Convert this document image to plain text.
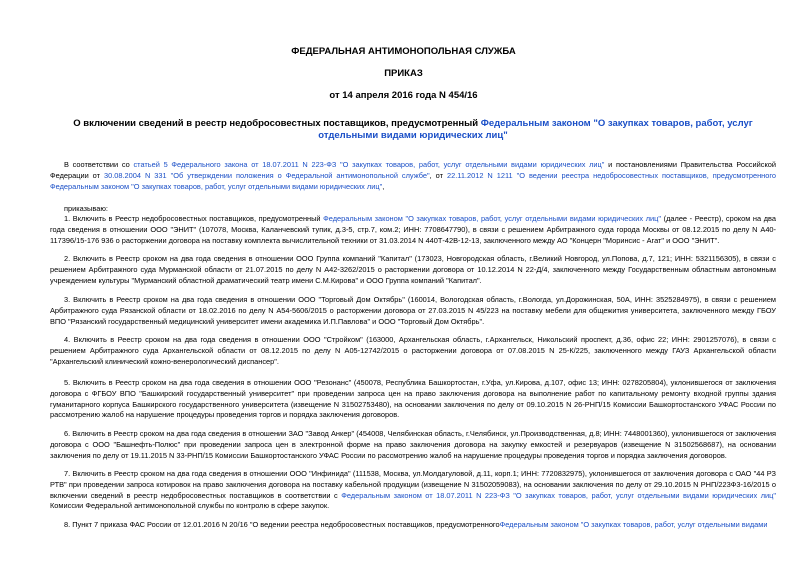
ФЕДЕРАЛЬНАЯ АНТИМОНОПОЛЬНАЯ СЛУЖБА
ПРИКАЗ
от 14 апреля 2016 года N 454/16
О включении сведений в реестр недобросовестных поставщиков, предусмотренный Федеральным законом "О закупках товаров, работ, услуг отдельными видами юридических лиц"
В соответствии со статьей 5 Федерального закона от 18.07.2011 N 223-ФЗ "О закупках товаров, работ, услуг отдельными видами юридических лиц" и постановлениями Правительства Российской Федерации от 30.08.2004 N 331 "Об утверждении положения о Федеральной антимонопольной службе", от 22.11.2012 N 1211 "О ведении реестра недобросовестных поставщиков, предусмотренного Федеральным законом "О закупках товаров, работ, услуг отдельными видами юридических лиц",
приказываю:
1. Включить в Реестр недобросовестных поставщиков, предусмотренный Федеральным законом "О закупках товаров, работ, услуг отдельными видами юридических лиц" (далее - Реестр), сроком на два года сведения в отношении ООО "ЭНИТ" (107078, Москва, Каланчевский тупик, д.3-5, стр.7, ком.2; ИНН: 7708647790), в связи с решением Арбитражного суда города Москвы от 08.12.2015 по делу N А40-117396/15-176 936 о расторжении договора на поставку комплекта вычислительной техники от 31.03.2014 N 440Т-42В-12-13, заключенного между АО "Концерн "Моринсис - Агат" и ООО "ЭНИТ".
2. Включить в Реестр сроком на два года сведения в отношении ООО Группа компаний "Капитал" (173023, Новгородская область, г.Великий Новгород, ул.Попова, д.7, 121; ИНН: 5321156305), в связи с решением Арбитражного суда Мурманской области от 21.07.2015 по делу N А42-3262/2015 о расторжении договора от 10.12.2014 N 22-Д/4, заключенного между Государственным областным автономным учреждением культуры "Мурманский областной драматический театр имени С.М.Кирова" и ООО Группа компаний "Капитал".
3. Включить в Реестр сроком на два года сведения в отношении ООО "Торговый Дом Октябрь" (160014, Вологодская область, г.Вологда, ул.Дорожинская, 50А, ИНН: 3525284975), в связи с решением Арбитражного суда Рязанской области от 18.02.2016 по делу N А54-5606/2015 о расторжении договора от 27.03.2015 N 45/223 на поставку мебели для общежития университета, заключенного между ГБОУ ВПО "Рязанский государственный медицинский университет имени академика И.П.Павлова" и ООО "Торговый Дом Октябрь".
4. Включить в Реестр сроком на два года сведения в отношении ООО "Стройком" (163000, Архангельская область, г.Архангельск, Никольский проспект, д.36, офис 22; ИНН: 2901257076), в связи с решением Арбитражного суда Архангельской области от 08.12.2015 по делу N А05-12742/2015 о расторжении договора от 07.08.2015 N 25-К/225, заключенного между ГАУЗ Архангельской области "Архангельский клинический кожно-венерологический диспансер".
5. Включить в Реестр сроком на два года сведения в отношении ООО "Резонанс" (450078, Республика Башкортостан, г.Уфа, ул.Кирова, д.107, офис 13; ИНН: 0278205804), уклонившегося от заключения договора с ФГБОУ ВПО "Башкирский государственный университет" при проведении запроса цен на право заключения договора на выполнение работ по капитальному ремонту входной группы здания гуманитарного корпуса Башкирского государственного университета (извещение N 31502753480), на основании заключения по делу от 09.10.2015 N 26-РНП/15 Комиссии Башкортостанского УФАС России по рассмотрению жалоб на нарушение процедуры проведения торгов и порядка заключения договоров.
6. Включить в Реестр сроком на два года сведения в отношении ЗАО "Завод Анкер" (454008, Челябинская область, г.Челябинск, ул.Производственная, д.8; ИНН: 7448001360), уклонившегося от заключения договора с ООО "Башнефть-Полюс" при проведении запроса цен в электронной форме на право заключения договора на закупку емкостей и резервуаров (извещение N 31502568687), на основании заключения по делу от 19.11.2015 N 33-РНП/15 Комиссии Башкортостанского УФАС России по рассмотрению жалоб на нарушение процедуры проведения торгов и порядка заключения договоров.
7. Включить в Реестр сроком на два года сведения в отношении ООО "Инфинида" (111538, Москва, ул.Молдагуловой, д.11, корп.1; ИНН: 7720832975), уклонившегося от заключения договора с ОАО "44 РЗ РТВ" при проведении запроса котировок на право заключения договора на поставку кабельной продукции (извещение N 31502059083), на основании заключения по делу от 29.10.2015 N РНП/223Ф3-16/2015 о включении сведений в реестр недобросовестных поставщиков в соответствии с Федеральным законом от 18.07.2011 N 223-ФЗ "О закупках товаров, работ, услуг отдельными видами юридических лиц" Комиссии Федеральной антимонопольной службы по контролю в сфере закупок.
8. Пункт 7 приказа ФАС России от 12.01.2016 N 20/16 "О ведении реестра недобросовестных поставщиков, предусмотренногоФедеральным законом "О закупках товаров, работ, услуг отдельными видами
